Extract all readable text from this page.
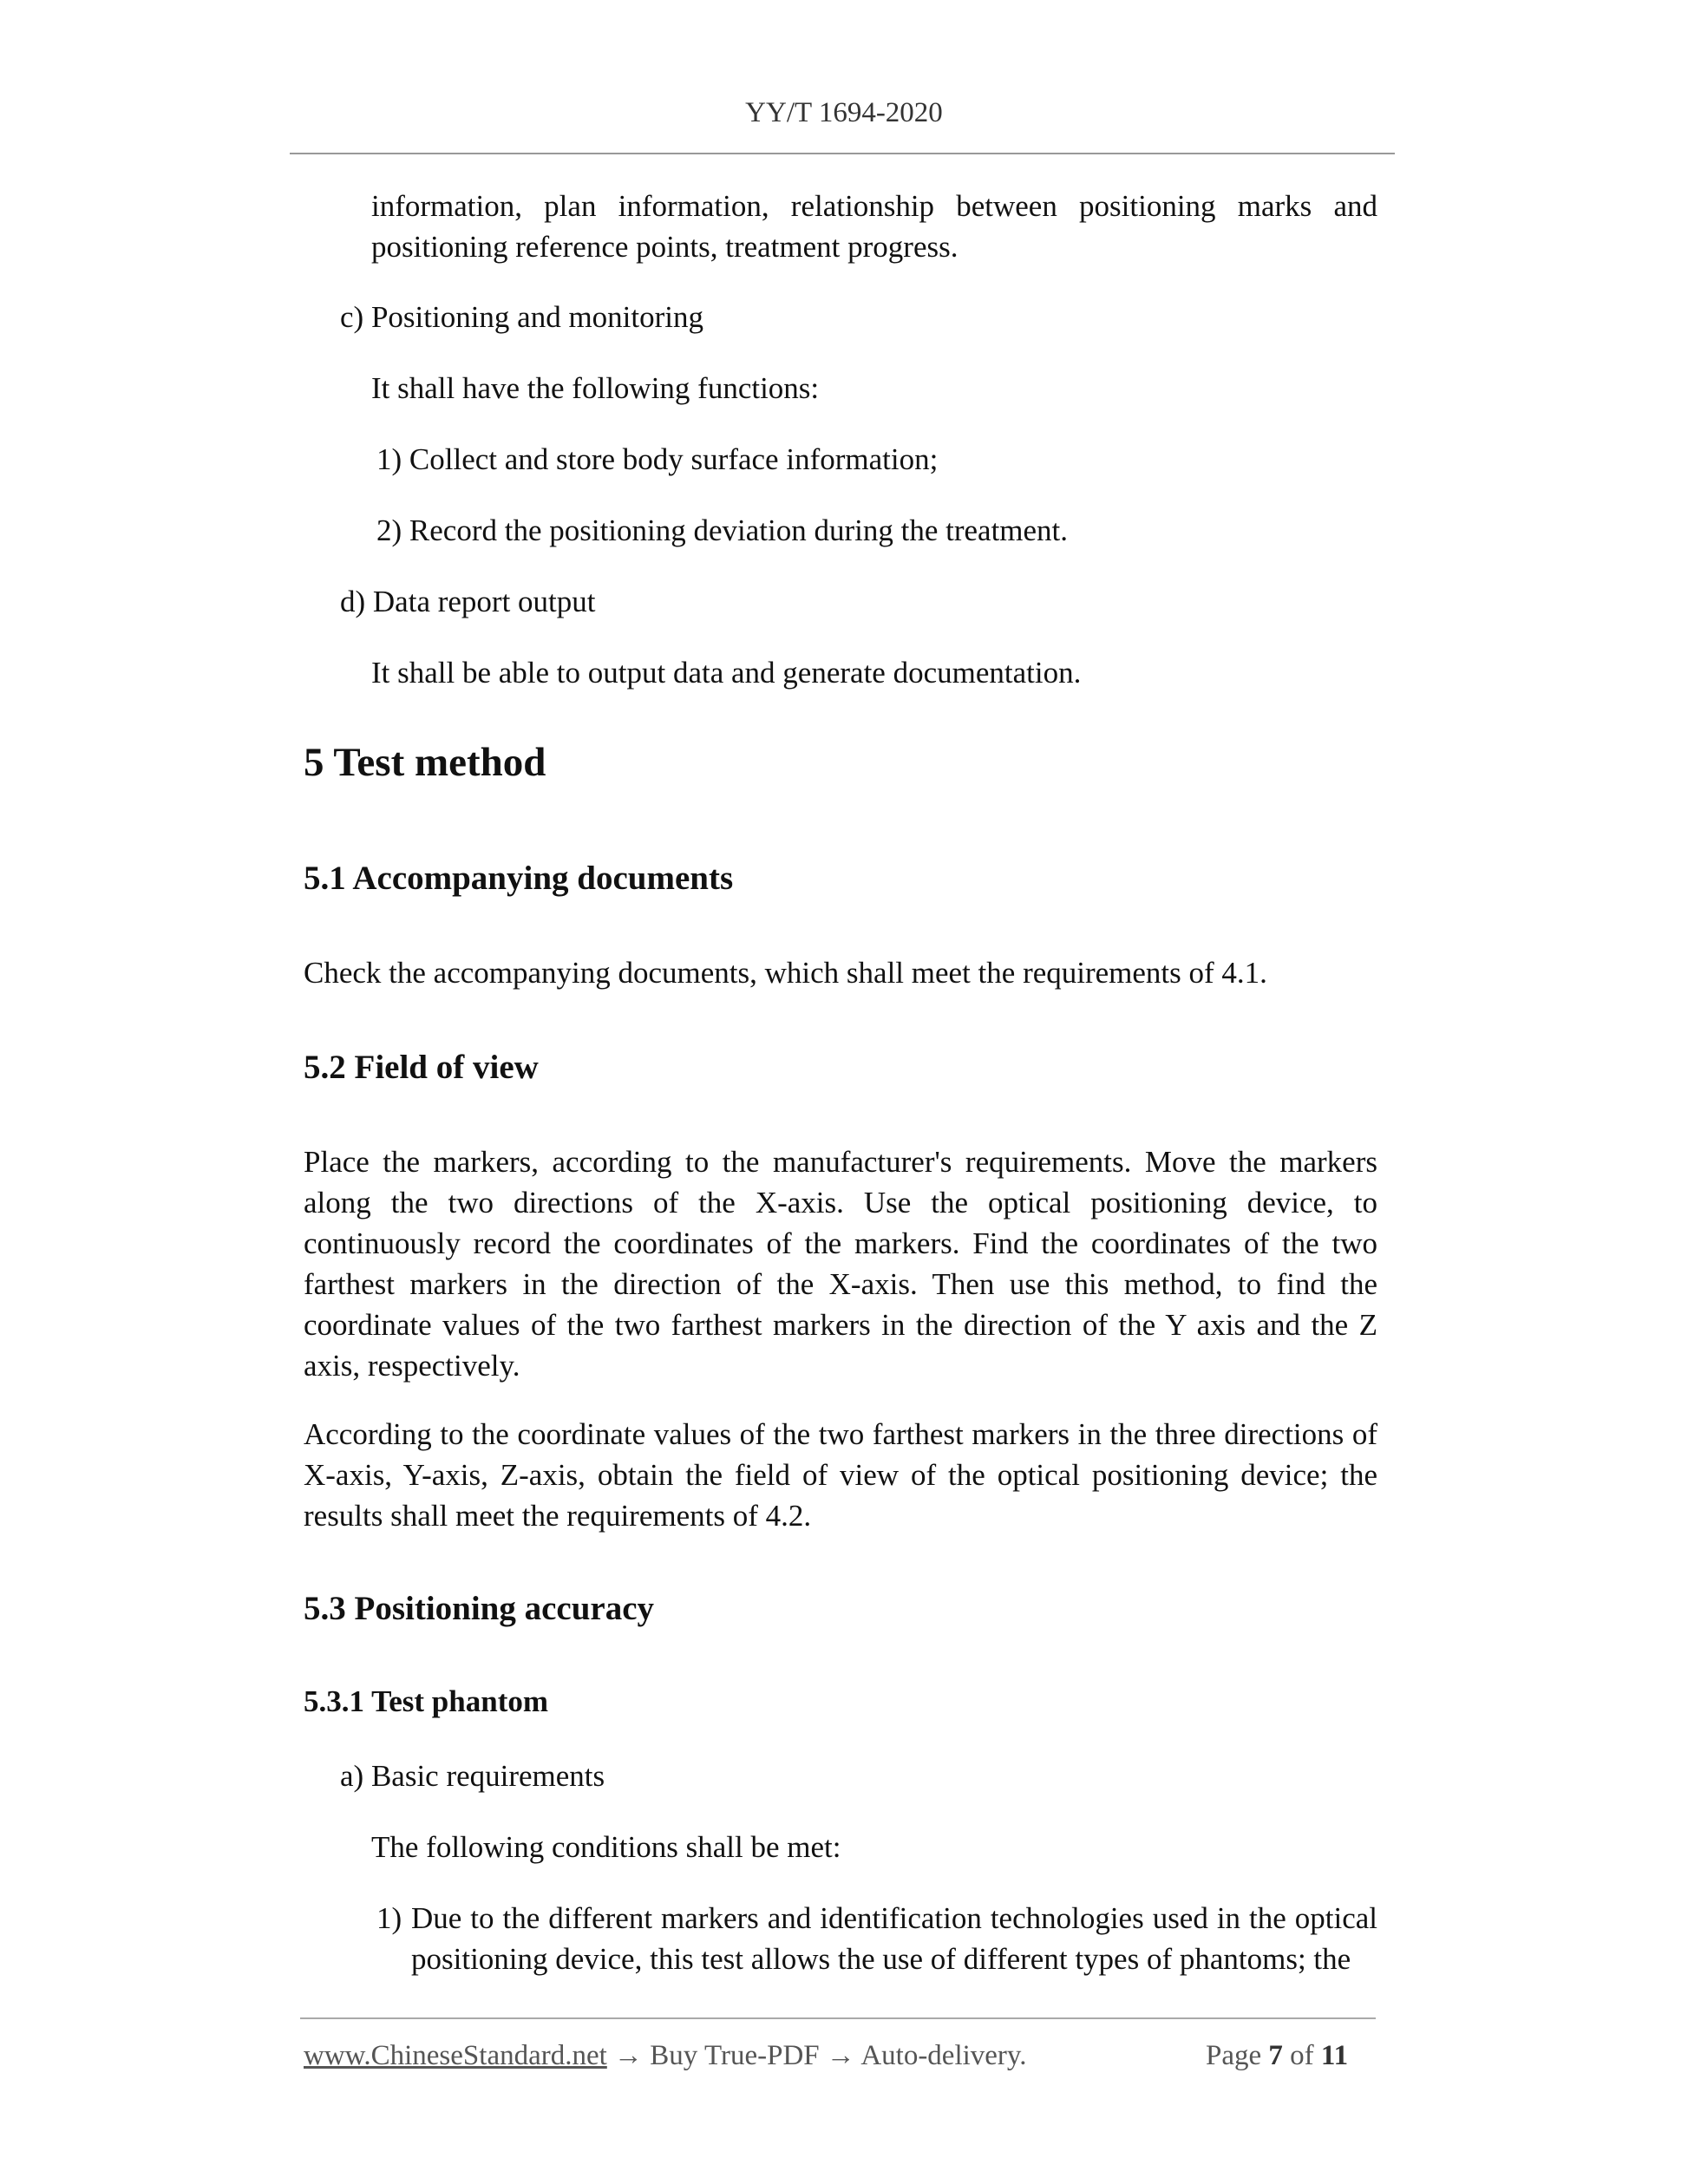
YY/T 1694-2020
information, plan information, relationship between positioning marks and positioning reference points, treatment progress.
c) Positioning and monitoring
It shall have the following functions:
1) Collect and store body surface information;
2) Record the positioning deviation during the treatment.
d) Data report output
It shall be able to output data and generate documentation.
5 Test method
5.1 Accompanying documents
Check the accompanying documents, which shall meet the requirements of 4.1.
5.2 Field of view
Place the markers, according to the manufacturer's requirements. Move the markers along the two directions of the X-axis. Use the optical positioning device, to continuously record the coordinates of the markers. Find the coordinates of the two farthest markers in the direction of the X-axis. Then use this method, to find the coordinate values of the two farthest markers in the direction of the Y axis and the Z axis, respectively.
According to the coordinate values of the two farthest markers in the three directions of X-axis, Y-axis, Z-axis, obtain the field of view of the optical positioning device; the results shall meet the requirements of 4.2.
5.3 Positioning accuracy
5.3.1 Test phantom
a) Basic requirements
The following conditions shall be met:
1) Due to the different markers and identification technologies used in the optical positioning device, this test allows the use of different types of phantoms; the
www.ChineseStandard.net → Buy True-PDF → Auto-delivery.	Page 7 of 11
